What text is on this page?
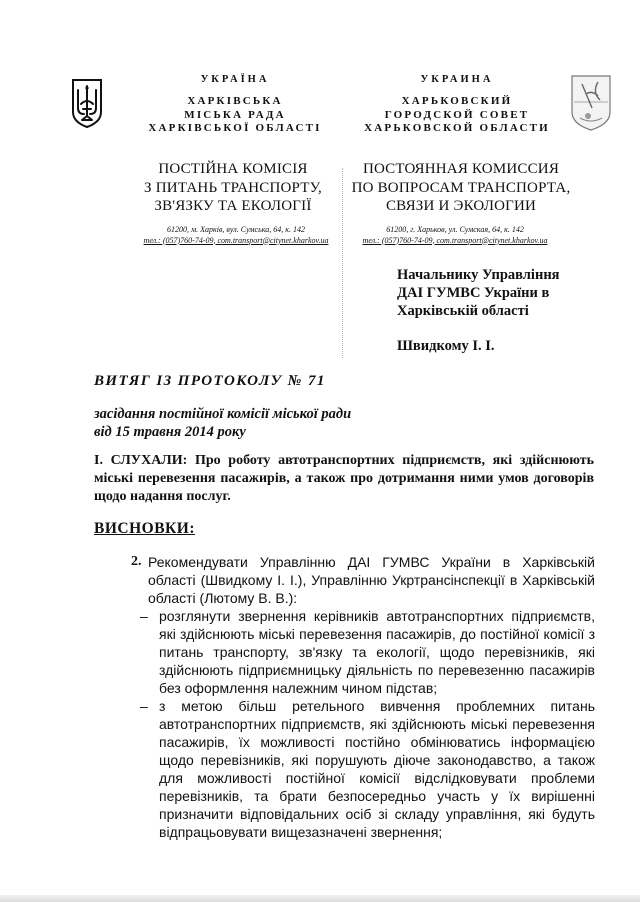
УКРАЇНА
ХАРКІВСЬКА
МІСЬКА РАДА
ХАРКІВСЬКОЇ ОБЛАСТІ
УКРАИНА
ХАРЬКОВСКИЙ
ГОРОДСКОЙ СОВЕТ
ХАРЬКОВСКОЙ ОБЛАСТИ
ПОСТІЙНА КОМІСІЯ
З ПИТАНЬ ТРАНСПОРТУ,
ЗВ'ЯЗКУ ТА ЕКОЛОГІЇ
ПОСТОЯННАЯ КОМИССИЯ
ПО ВОПРОСАМ ТРАНСПОРТА,
СВЯЗИ И ЭКОЛОГИИ
61200, м. Харків, вул. Сумська, 64, к. 142
тел.: (057)760-74-09, com.transport@citynet.kharkov.ua
61200, г. Харьков, ул. Сумская, 64, к. 142
тел.: (057)760-74-09, com.transport@citynet.kharkov.ua
Начальнику Управління
ДАІ ГУМВС України в
Харківській області
Швидкому І. І.
ВИТЯГ ІЗ ПРОТОКОЛУ № 71
засідання постійної комісії міської ради
від 15 травня 2014 року
І. СЛУХАЛИ: Про роботу автотранспортних підприємств, які здійснюють міські перевезення пасажирів, а також про дотримання ними умов договорів щодо надання послуг.
ВИСНОВКИ:
2. Рекомендувати Управлінню ДАІ ГУМВС України в Харківській області (Швидкому І. І.), Управлінню Укртрансінспекції в Харківській області (Лютому В. В.):
– розглянути звернення керівників автотранспортних підприємств, які здійснюють міські перевезення пасажирів, до постійної комісії з питань транспорту, зв'язку та екології, щодо перевізників, які здійснюють підприємницьку діяльність по перевезенню пасажирів без оформлення належним чином підстав;
– з метою більш ретельного вивчення проблемних питань автотранспортних підприємств, які здійснюють міські перевезення пасажирів, їх можливості постійно обмінюватись інформацією щодо перевізників, які порушують діюче законодавство, а також для можливості постійної комісії відслідковувати проблеми перевізників, та брати безпосередньо участь у їх вирішенні призначити відповідальних осіб зі складу управління, які будуть відпрацьовувати вищезазначені звернення;
